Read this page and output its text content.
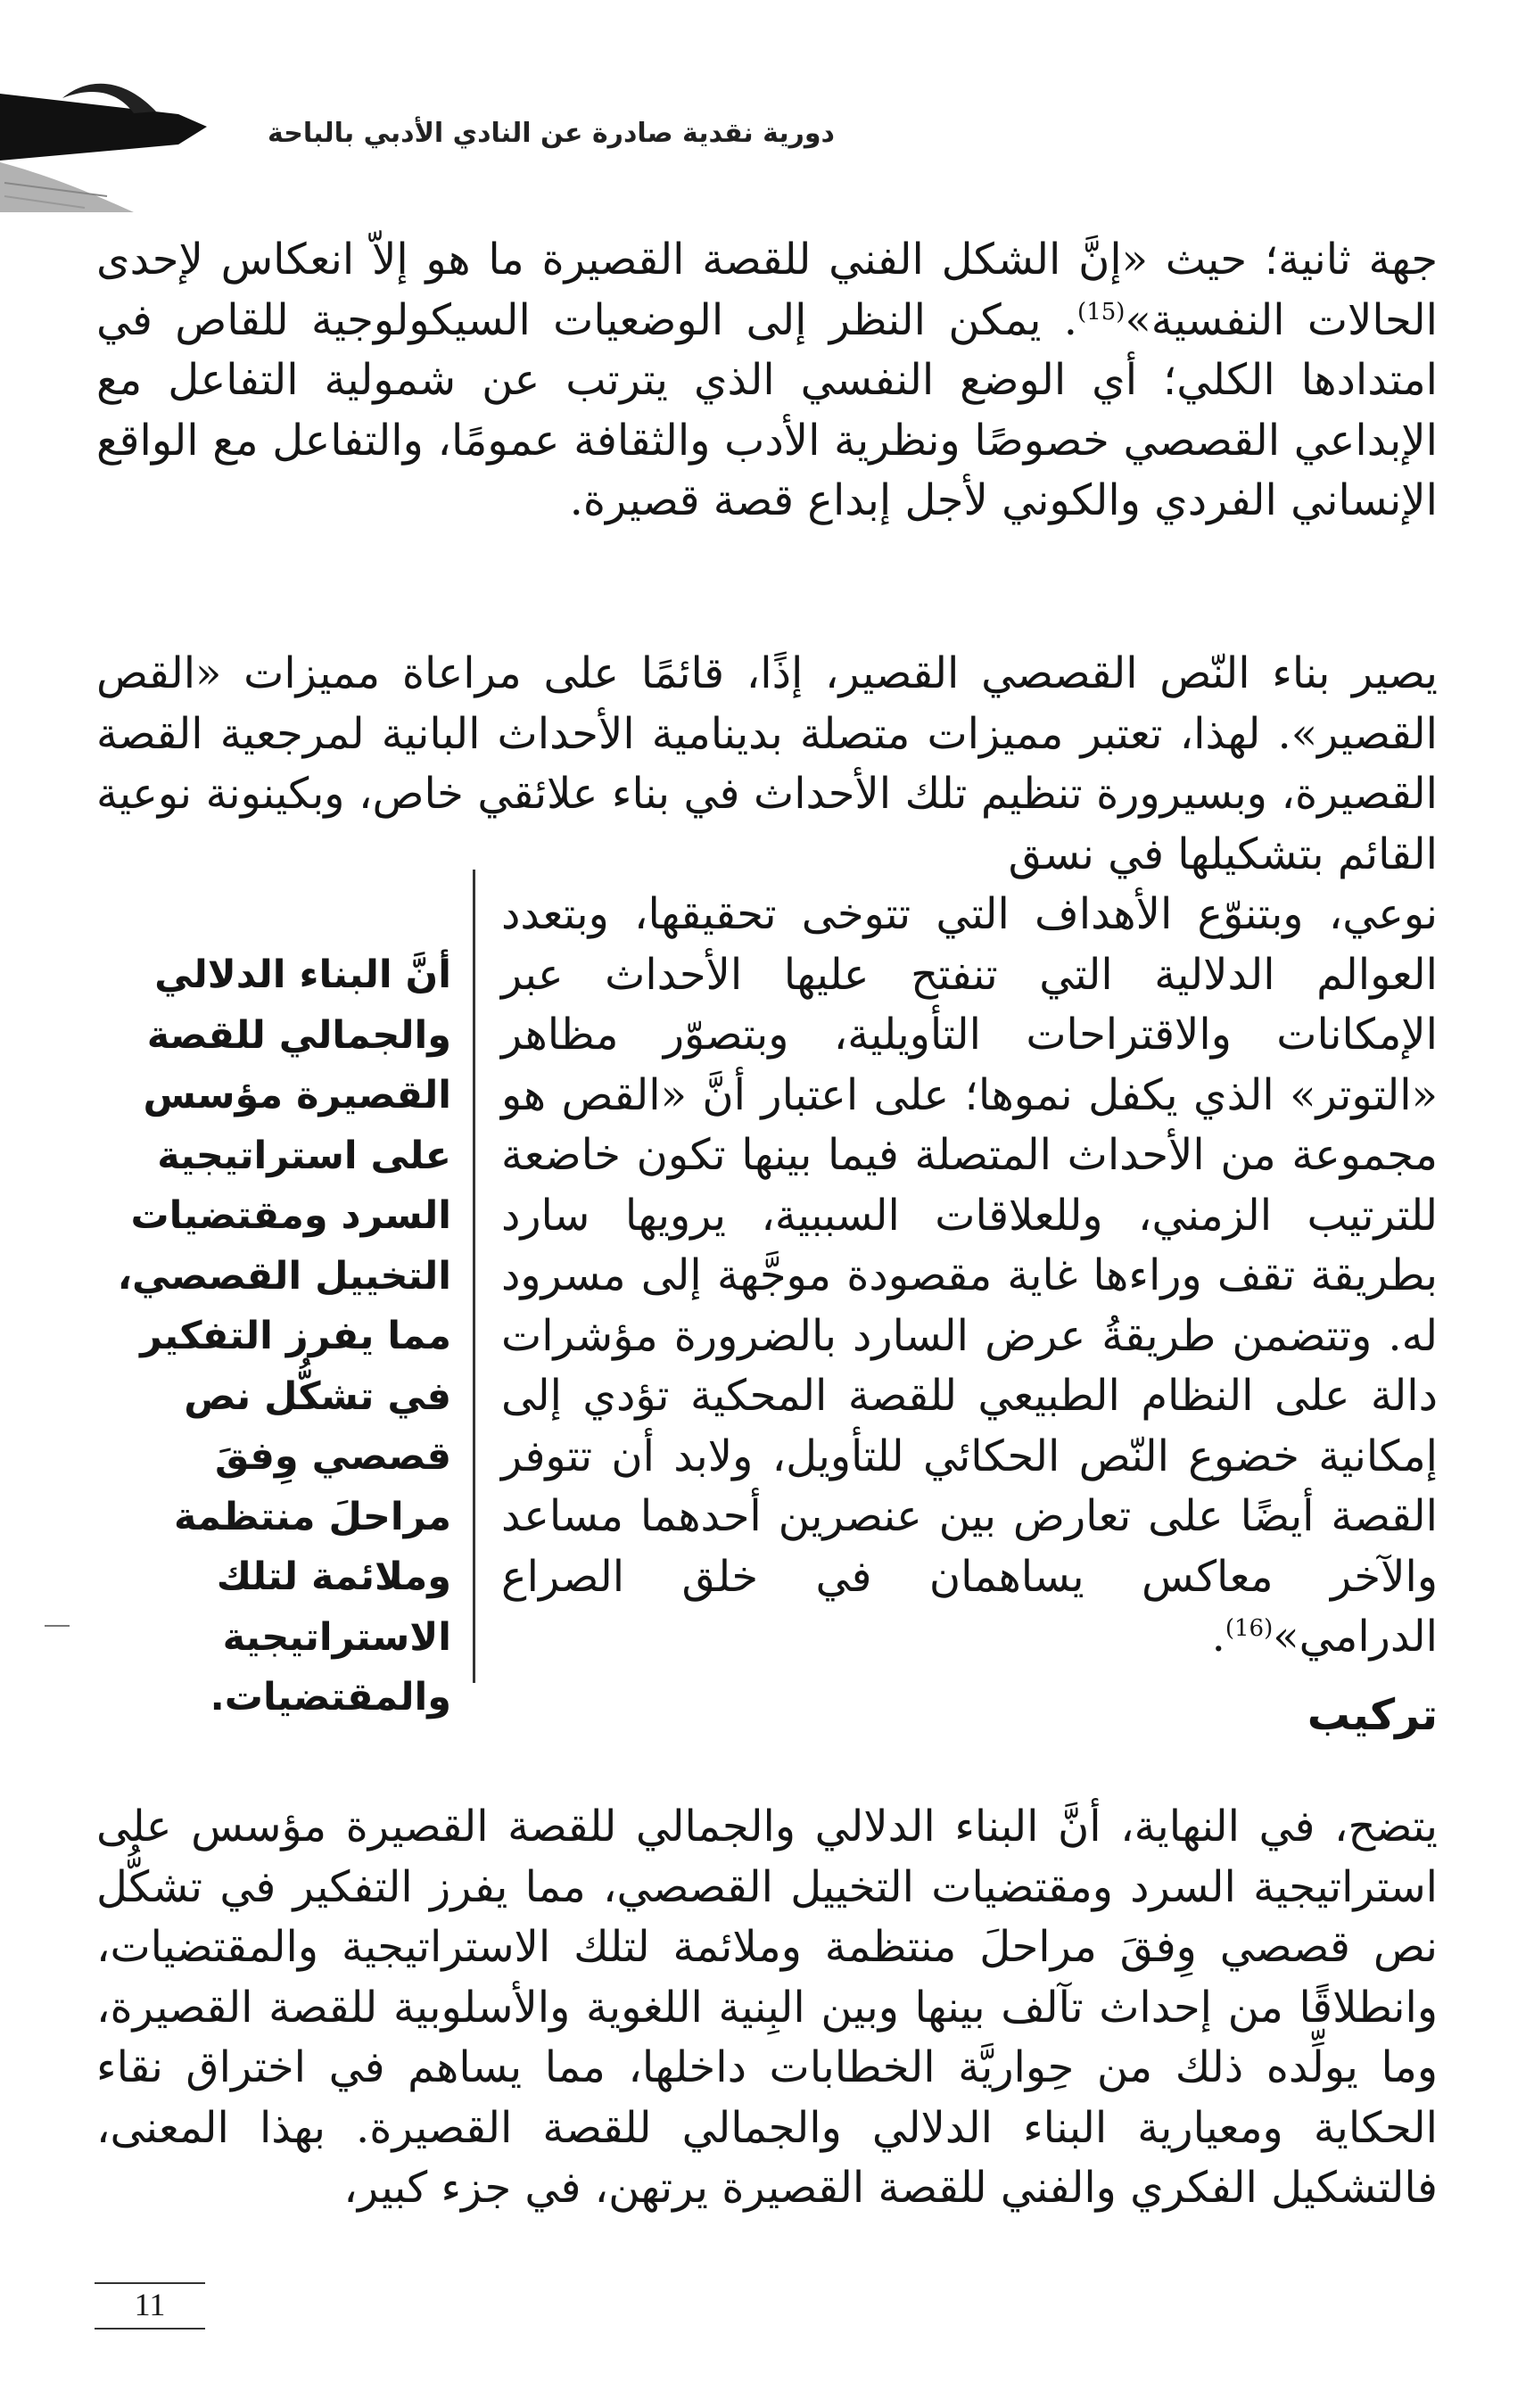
دورية نقدية صادرة عن النادي الأدبي بالباحة

جهة ثانية؛ حيث «إنَّ الشكل الفني للقصة القصيرة ما هو إلاّ انعكاس لإحدى الحالات النفسية»$^{(15)}$. يمكن النظر إلى الوضعيات السيكولوجية للقاص في امتدادها الكلي؛ أي الوضع النفسي الذي يترتب عن شمولية التفاعل مع الإبداعي القصصي خصوصًا ونظرية الأدب والثقافة عمومًا، والتفاعل مع الواقع الإنساني الفردي والكوني لأجل إبداع قصة قصيرة.

يصير بناء النّص القصصي القصير، إذًا، قائمًا على مراعاة مميزات «القص القصير». لهذا، تعتبر مميزات متصلة بدينامية الأحداث البانية لمرجعية القصة القصيرة، وبسيرورة تنظيم تلك الأحداث في بناء علائقي خاص، وبكينونة نوعية القائم بتشكيلها في نسق
نوعي، وبتنوّع الأهداف التي تتوخى تحقيقها، وبتعدد العوالم الدلالية التي تنفتح عليها الأحداث عبر الإمكانات والاقتراحات التأويلية، وبتصوّر مظاهر «التوتر» الذي يكفل نموها؛ على اعتبار أنَّ «القص هو مجموعة من الأحداث المتصلة فيما بينها تكون خاضعة للترتيب الزمني، وللعلاقات السببية، يرويها سارد بطريقة تقف وراءها غاية مقصودة موجَّهة إلى مسرود له. وتتضمن طريقةُ عرض السارد بالضرورة مؤشرات دالة على النظام الطبيعي للقصة المحكية تؤدي إلى إمكانية خضوع النّص الحكائي للتأويل، ولابد أن تتوفر القصة أيضًا على تعارض بين عنصرين أحدهما مساعد والآخر معاكس يساهمان في خلق الصراع الدرامي»$^{(16)}$.

أنَّ البناء الدلالي والجمالي للقصة القصيرة مؤسس على استراتيجية السرد ومقتضيات التخييل القصصي، مما يفرز التفكير في تشكُّل نص قصصي وِفقَ مراحلَ منتظمة وملائمة لتلك الاستراتيجية والمقتضيات.	تركيب

يتضح، في النهاية، أنَّ البناء الدلالي والجمالي للقصة القصيرة مؤسس على استراتيجية السرد ومقتضيات التخييل القصصي، مما يفرز التفكير في تشكُّل نص قصصي وِفقَ مراحلَ منتظمة وملائمة لتلك الاستراتيجية والمقتضيات، وانطلاقًا من إحداث تآلف بينها وبين البِنية اللغوية والأسلوبية للقصة القصيرة، وما يولِّده ذلك من حِواريَّة الخطابات داخلها، مما يساهم في اختراق نقاء الحكاية ومعيارية البناء الدلالي والجمالي للقصة القصيرة. بهذا المعنى، فالتشكيل الفكري والفني للقصة القصيرة يرتهن، في جزء كبير،

11
